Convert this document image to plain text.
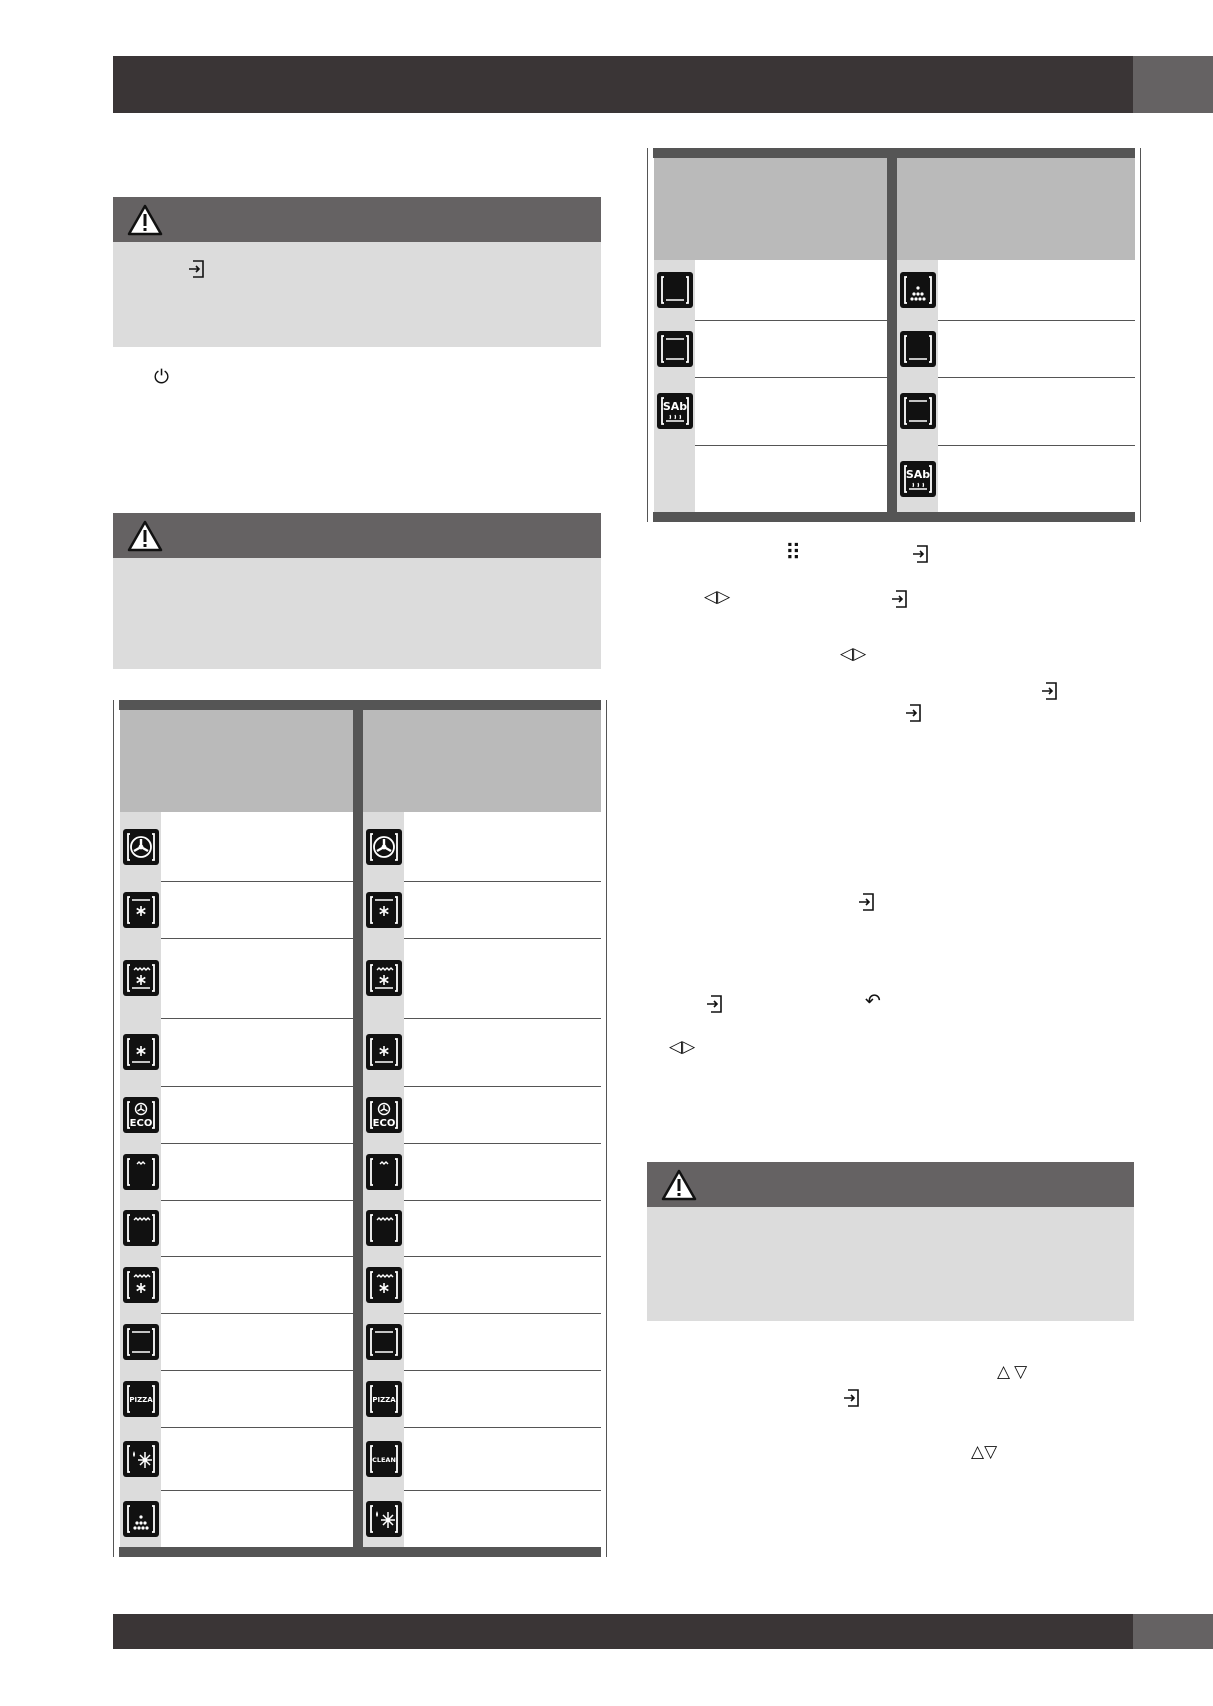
⏻
ECO
PIZZA
ECO
PIZZA
CLEAN
SAb
SAb
⠿
◁▷
◁▷
↶
◁▷
△▽
△▽
